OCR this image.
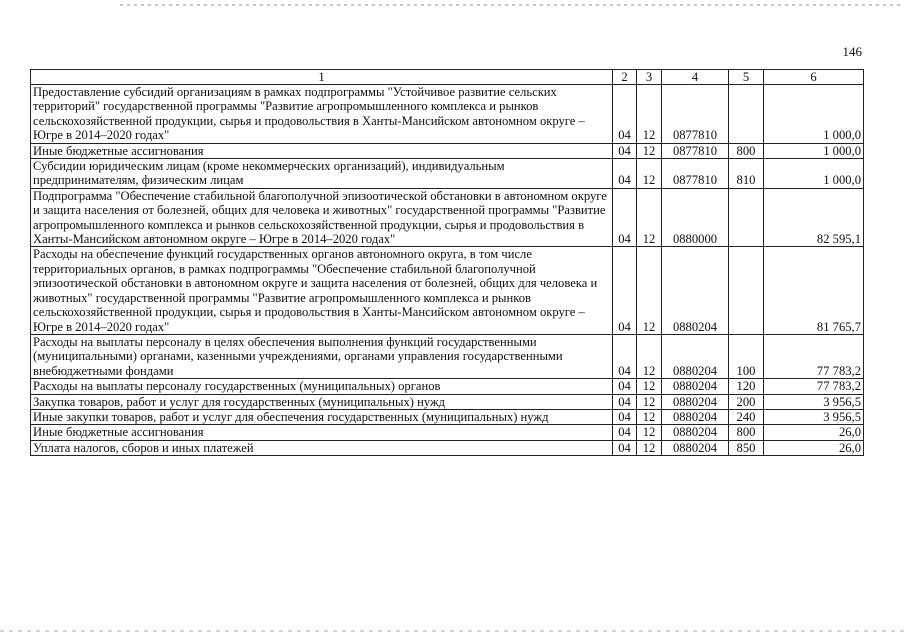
146
1	2	3	4	5	6
Предоставление субсидий организациям в рамках подпрограммы "Устойчивое развитие сельских территорий" государственной программы "Развитие агропромышленного комплекса и рынков сельскохозяйственной продукции, сырья и продовольствия в Ханты-Мансийском автономном округе – Югре в 2014–2020 годах"	04	12	0877810		1 000,0
Иные бюджетные ассигнования	04	12	0877810	800	1 000,0
Субсидии юридическим лицам (кроме некоммерческих организаций), индивидуальным предпринимателям, физическим лицам	04	12	0877810	810	1 000,0
Подпрограмма "Обеспечение стабильной благополучной эпизоотической обстановки в автономном округе и защита населения от болезней, общих для человека и животных" государственной программы "Развитие агропромышленного комплекса и рынков сельскохозяйственной продукции, сырья и продовольствия в Ханты-Мансийском автономном округе – Югре в 2014–2020 годах"	04	12	0880000		82 595,1
Расходы на обеспечение функций государственных органов автономного округа, в том числе территориальных органов, в рамках подпрограммы "Обеспечение стабильной благополучной эпизоотической обстановки в автономном округе и защита населения от болезней, общих для человека и животных" государственной программы "Развитие агропромышленного комплекса и рынков сельскохозяйственной продукции, сырья и продовольствия в Ханты-Мансийском автономном округе – Югре в 2014–2020 годах"	04	12	0880204		81 765,7
Расходы на выплаты персоналу в целях обеспечения выполнения функций государственными (муниципальными) органами, казенными учреждениями, органами управления государственными внебюджетными фондами	04	12	0880204	100	77 783,2
Расходы на выплаты персоналу государственных (муниципальных) органов	04	12	0880204	120	77 783,2
Закупка товаров, работ и услуг для государственных (муниципальных) нужд	04	12	0880204	200	3 956,5
Иные закупки товаров, работ и услуг для обеспечения государственных (муниципальных) нужд	04	12	0880204	240	3 956,5
Иные бюджетные ассигнования	04	12	0880204	800	26,0
Уплата налогов, сборов и иных платежей	04	12	0880204	850	26,0
